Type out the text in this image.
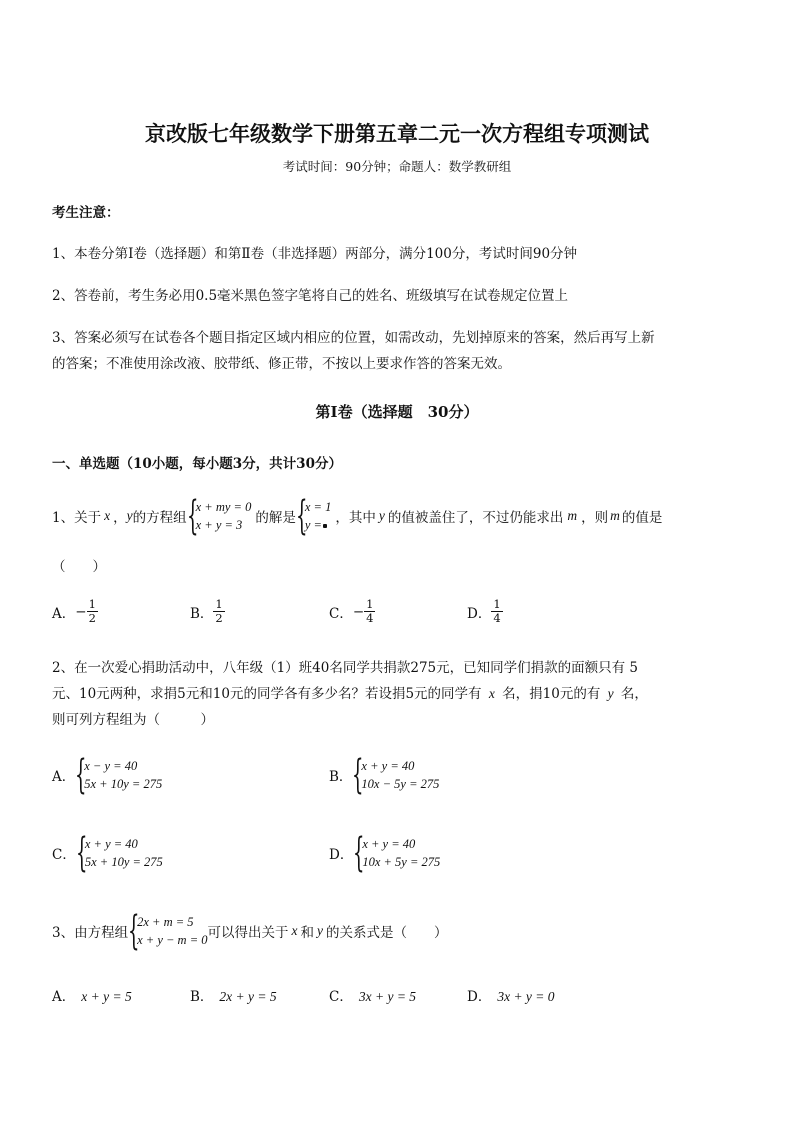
京改版七年级数学下册第五章二元一次方程组专项测试
考试时间：90分钟；命题人：数学教研组
考生注意：
1、本卷分第Ⅰ卷（选择题）和第Ⅱ卷（非选择题）两部分，满分100分，考试时间90分钟
2、答卷前，考生务必用0.5毫米黑色签字笔将自己的姓名、班级填写在试卷规定位置上
3、答案必须写在试卷各个题目指定区域内相应的位置，如需改动，先划掉原来的答案，然后再写上新
的答案；不准使用涂改液、胶带纸、修正带，不按以上要求作答的答案无效。
第Ⅰ卷（选择题　30分）
一、单选题（10小题，每小题3分，共计30分）
1、关于 x ， y 的方程组 {
x + my = 0
x + y = 3 的解是 {
x = 1
y = ，其中 y 的值被盖住了，不过仍能求出 m ，则 m 的值是
（　　）
A． − $\frac{1}{2}$	B． $\frac{1}{2}$	C． − $\frac{1}{4}$	D． $\frac{1}{4}$
2、在一次爱心捐助活动中，八年级（1）班40名同学共捐款275元，已知同学们捐款的面额只有 5
元、10元两种，求捐5元和10元的同学各有多少名？若设捐5元的同学有 x 名，捐10元的有 y 名，
则可列方程组为（　　　）
A． {
x − y = 40
5x + 10y = 275	B． {
x + y = 40
10x − 5y = 275
C． {
x + y = 40
5x + 10y = 275	D． {
x + y = 40
10x + 5y = 275
3、由方程组 {
2x + m = 5
x + y − m = 0 可以得出关于 x 和 y 的关系式是（　　）
A． x + y = 5	B． 2x + y = 5	C． 3x + y = 5	D． 3x + y = 0
